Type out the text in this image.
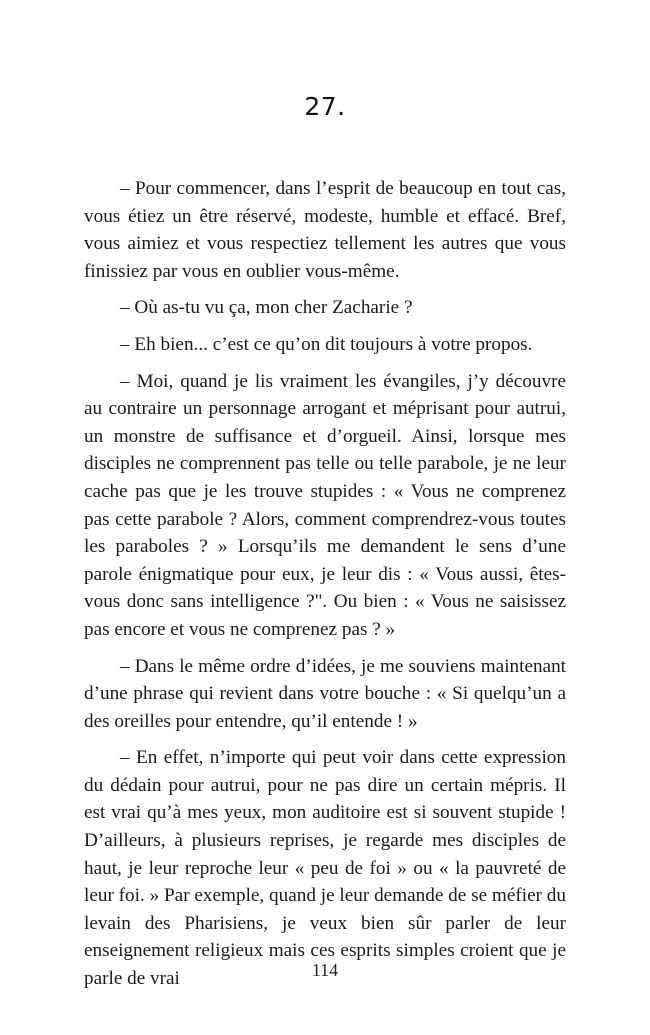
27.

– Pour commencer, dans l’esprit de beaucoup en tout cas, vous étiez un être réservé, modeste, humble et effacé. Bref, vous aimiez et vous respectiez tellement les autres que vous finissiez par vous en oublier vous-même.

– Où as-tu vu ça, mon cher Zacharie ?

– Eh bien... c’est ce qu’on dit toujours à votre propos.

– Moi, quand je lis vraiment les évangiles, j’y découvre au contraire un personnage arrogant et méprisant pour autrui, un monstre de suffisance et d’orgueil. Ainsi, lorsque mes disciples ne comprennent pas telle ou telle parabole, je ne leur cache pas que je les trouve stupides : « Vous ne comprenez pas cette parabole ? Alors, comment comprendrez-vous toutes les paraboles ? » Lorsqu’ils me demandent le sens d’une parole énigmatique pour eux, je leur dis : « Vous aussi, êtes-vous donc sans intelligence ?". Ou bien : « Vous ne saisissez pas encore et vous ne comprenez pas ? »

– Dans le même ordre d’idées, je me souviens maintenant d’une phrase qui revient dans votre bouche : « Si quelqu’un a des oreilles pour entendre, qu’il entende ! »

– En effet, n’importe qui peut voir dans cette expression du dédain pour autrui, pour ne pas dire un certain mépris. Il est vrai qu’à mes yeux, mon auditoire est si souvent stupide ! D’ailleurs, à plusieurs reprises, je regarde mes disciples de haut, je leur reproche leur « peu de foi » ou « la pauvreté de leur foi. » Par exemple, quand je leur demande de se méfier du levain des Pharisiens, je veux bien sûr parler de leur enseignement religieux mais ces esprits simples croient que je parle de vrai	114
